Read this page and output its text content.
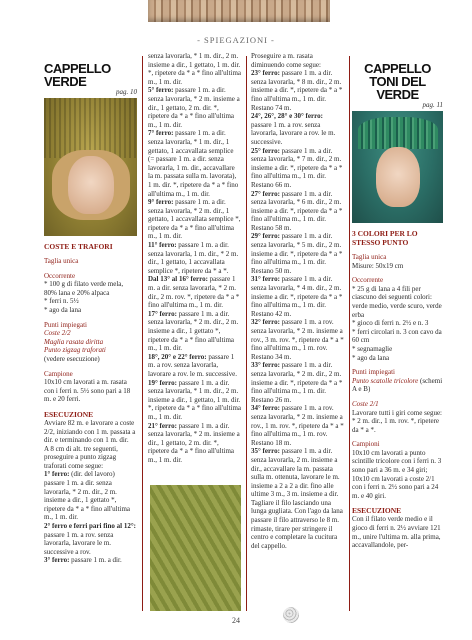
- SPIEGAZIONI -
CAPPELLO VERDE
pag. 10
COSTE E TRAFORI

Taglia unica

Occorrente

* 100 g di filato verde mela, 80% lana e 20% alpaca

* ferri n. 5½

* ago da lana

Punti impiegati

Coste 2/2

Maglia rasata diritta

Punto zigzag traforati

(vedere esecuzione)

Campione

10x10 cm lavorati a m. rasata con i ferri n. 5½ sono pari a 18 m. e 20 ferri.

ESECUZIONE

Avviare 82 m. e lavorare a coste 2/2, iniziando con 1 m. passata a dir. e terminando con 1 m. dir.

A 8 cm di alt. tre seguenti, proseguire a punto zigzag traforati come segue:

1° ferro: (dir. del lavoro) passare 1 m. a dir. senza lavorarla, * 2 m. dir., 2 m. insieme a dir., 1 gettato *, ripetere da * a * fino all'ultima m., 1 m. dir.

2° ferro e ferri pari fino al 12°: passare 1 m. a rov. senza lavorarla, lavorare le m. successive a rov.

3° ferro: passare 1 m. a dir.

senza lavorarla, * 1 m. dir., 2 m. insieme a dir., 1 gettato, 1 m. dir. *, ripetere da * a * fino all'ultima m., 1 m. dir.

5° ferro: passare 1 m. a dir. senza lavorarla, * 2 m. insieme a dir., 1 gettato, 2 m. dir. *, ripetere da * a * fino all'ultima m., 1 m. dir.

7° ferro: passare 1 m. a dir. senza lavorarla, * 1 m. dir., 1 gettato, 1 accavallata semplice (= passare 1 m. a dir. senza lavorarla, 1 m. dir., accavallare la m. passata sulla m. lavorata), 1 m. dir. *, ripetere da * a * fino all'ultima m., 1 m. dir.

9° ferro: passare 1 m. a dir. senza lavorarla, * 2 m. dir., 1 gettato, 1 accavallata semplice *, ripetere da * a * fino all'ultima m., 1 m. dir.

11° ferro: passare 1 m. a dir. senza lavorarla, 1 m. dir., * 2 m. dir., 1 gettato, 1 accavallata semplice *, ripetere da * a *.

Dal 13° al 16° ferro: passare 1 m. a dir. senza lavorarla, * 2 m. dir., 2 m. rov. *, ripetere da * a * fino all'ultima m., 1 m. dir.

17° ferro: passare 1 m. a dir. senza lavorarla, * 2 m. dir., 2 m. insieme a dir., 1 gettato *, ripetere da * a * fino all'ultima m., 1 m. dir.

18°, 20° e 22° ferro: passare 1 m. a rov. senza lavorarla, lavorare a rov. le m. successive.

19° ferro: passare 1 m. a dir. senza lavorarla, * 1 m. dir., 2 m. insieme a dir., 1 gettato, 1 m. dir. *, ripetere da * a * fino all'ultima m., 1 m. dir.

21° ferro: passare 1 m. a dir. senza lavorarla, * 2 m. insieme a dir., 1 gettato, 2 m. dir. *, ripetere da * a * fino all'ultima m., 1 m. dir.

Proseguire a m. rasata diminuendo come segue:

23° ferro: passare 1 m. a dir. senza lavorarla, * 8 m. dir., 2 m. insieme a dir. *, ripetere da * a * fino all'ultima m., 1 m. dir. Restano 74 m.

24°, 26°, 28° e 30° ferro: passare 1 m. a rov. senza lavorarla, lavorare a rov. le m. successive.

25° ferro: passare 1 m. a dir. senza lavorarla, * 7 m. dir., 2 m. insieme a dir. *, ripetere da * a * fino all'ultima m., 1 m. dir. Restano 66 m.

27° ferro: passare 1 m. a dir. senza lavorarla, * 6 m. dir., 2 m. insieme a dir. *, ripetere da * a * fino all'ultima m., 1 m. dir. Restano 58 m.

29° ferro: passare 1 m. a dir. senza lavorarla, * 5 m. dir., 2 m. insieme a dir. *, ripetere da * a * fino all'ultima m., 1 m. dir. Restano 50 m.

31° ferro: passare 1 m. a dir. senza lavorarla, * 4 m. dir., 2 m. insieme a dir. *, ripetere da * a * fino all'ultima m., 1 m. dir. Restano 42 m.

32° ferro: passare 1 m. a rov. senza lavorarla, * 2 m. insieme a rov., 3 m. rov. *, ripetere da * a * fino all'ultima m., 1 m. rov. Restano 34 m.

33° ferro: passare 1 m. a dir. senza lavorarla, * 2 m. dir., 2 m. insieme a dir. *, ripetere da * a * fino all'ultima m., 1 m. dir. Restano 26 m.

34° ferro: passare 1 m. a rov. senza lavorarla, * 2 m. insieme a rov., 1 m. rov. *, ripetere da * a * fino all'ultima m., 1 m. rov. Restano 18 m.

35° ferro: passare 1 m. a dir. senza lavorarla, 2 m. insieme a dir., accavallare la m. passata sulla m. ottenuta, lavorare le m. insieme a 2 a 2 a dir. fino alle ultime 3 m., 3 m. insieme a dir. Tagliare il filo lasciando una lunga gugliata. Con l'ago da lana passare il filo attraverso le 8 m. rimaste, tirare per stringere il centro e completare la cucitura del cappello.

CAPPELLO TONI DEL VERDE
pag. 11
3 COLORI PER LO STESSO PUNTO

Taglia unica

Misure: 50x19 cm

Occorrente

* 25 g di lana a 4 fili per ciascuno dei seguenti colori: verde medio, verde scuro, verde erba

* gioco di ferri n. 2½ e n. 3

* ferri circolari n. 3 con cavo da 60 cm

* segnamaglie

* ago da lana

Punti impiegati

Punto scatolle tricolore (schemi A e B)

Coste 2/1

Lavorare tutti i giri come segue: * 2 m. dir., 1 m. rov. *, ripetere da * a *.

Campioni

10x10 cm lavorati a punto scintille tricolore con i ferri n. 3 sono pari a 36 m. e 34 giri; 10x10 cm lavorati a coste 2/1 con i ferri n. 2½ sono pari a 24 m. e 40 giri.

ESECUZIONE

Con il filato verde medio e il gioco di ferri n. 2½ avviare 121 m., unire l'ultima m. alla prima, accavallandole, per-

24
